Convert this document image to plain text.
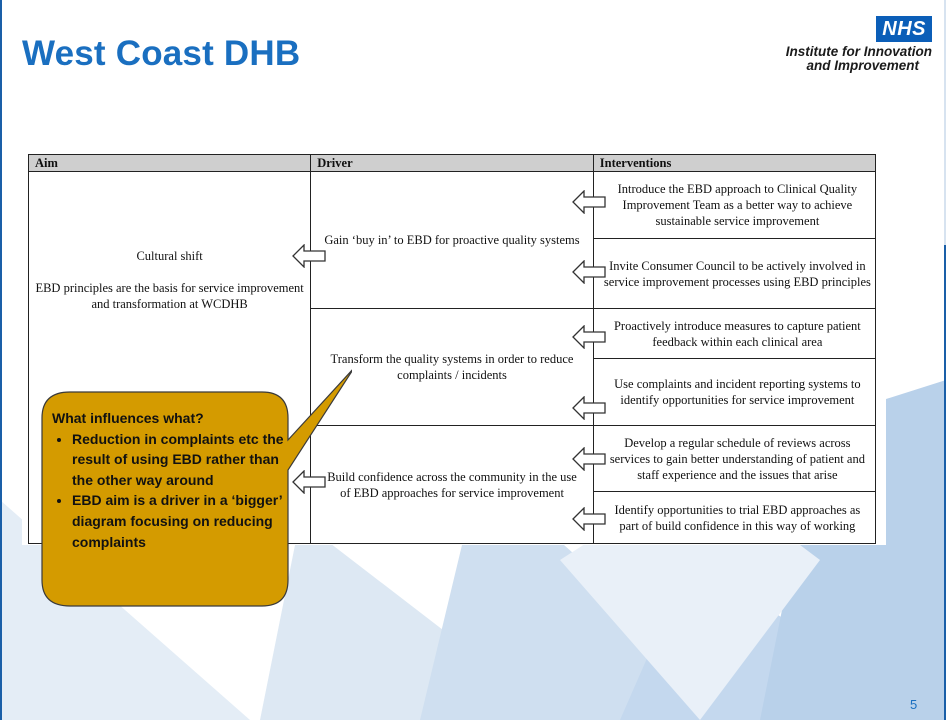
West Coast DHB
NHS
Institute for Innovation
and Improvement
Aim	Driver	Interventions

Cultural shift
EBD principles are the basis for service improvement and transformation at WCDHB	Gain ‘buy in’ to EBD for proactive quality systems	Introduce the EBD approach to Clinical Quality Improvement Team as a better way to achieve sustainable service improvement
		Invite Consumer Council to be actively involved in service improvement processes using EBD principles
	Transform the quality systems in order to reduce complaints / incidents	Proactively introduce measures to capture patient feedback within each clinical area
		Use complaints and incident reporting systems to identify opportunities for service improvement
	Build confidence across the community in the use of EBD approaches for service improvement	Develop a regular schedule of reviews across services to gain better understanding of patient and staff experience and the issues that arise
		Identify opportunities to trial EBD approaches as part of build confidence in this way of working
What influences what?
• Reduction in complaints etc the result of using EBD rather than the other way around
• EBD aim is a driver in a ‘bigger’ diagram focusing on reducing complaints
5
